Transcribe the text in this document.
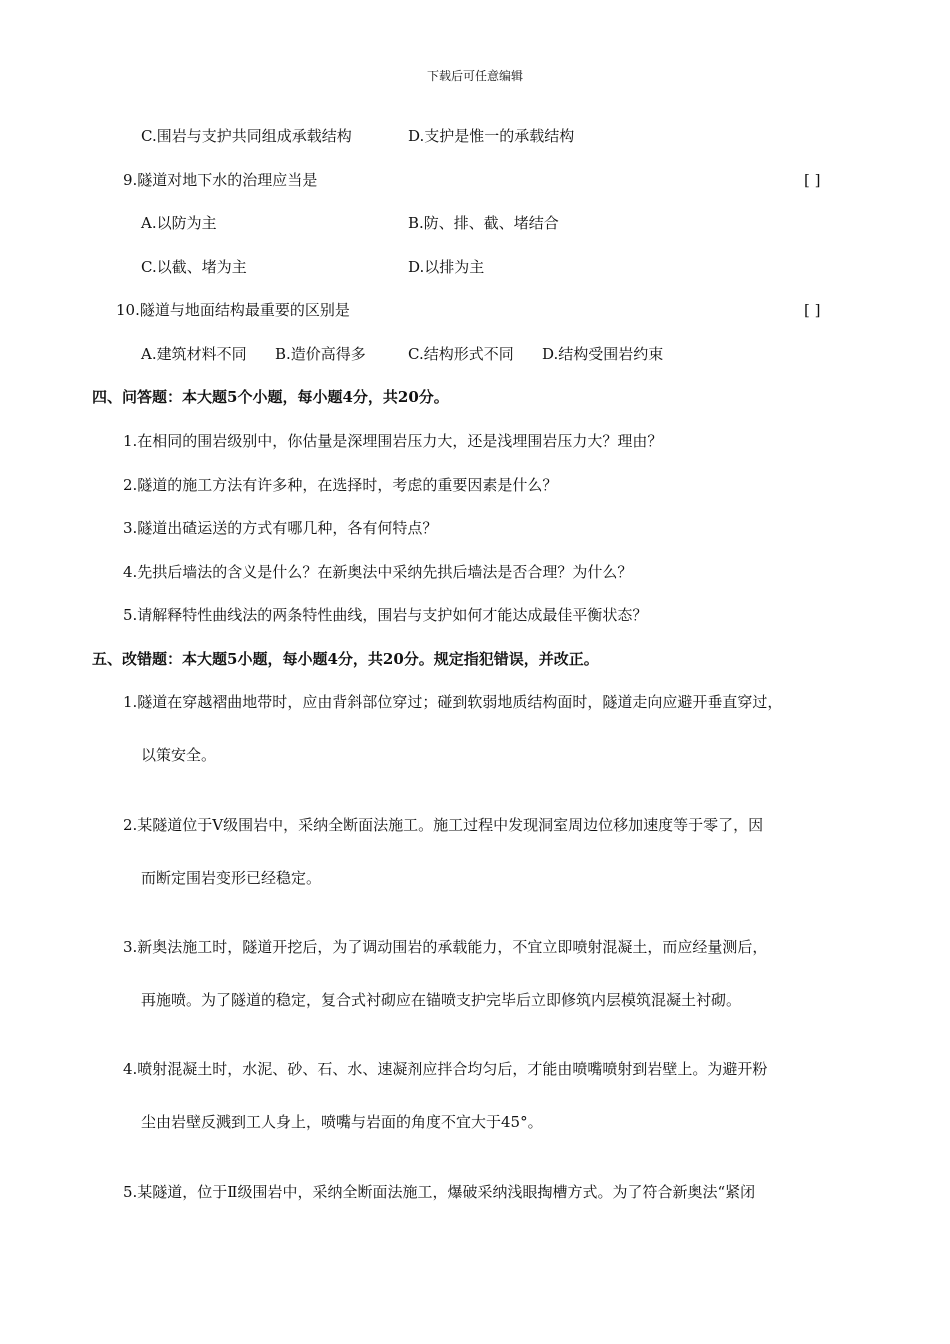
下载后可任意编辑
C.围岩与支护共同组成承载结构	D.支护是惟一的承载结构
9.隧道对地下水的治理应当是	[ ]
A.以防为主	B.防、排、截、堵结合
C.以截、堵为主	D.以排为主
10.隧道与地面结构最重要的区别是	[ ]
A.建筑材料不同 B.造价高得多	C.结构形式不同 D.结构受围岩约束
四、问答题：本大题5个小题，每小题4分，共20分。
1.在相同的围岩级别中，你估量是深埋围岩压力大，还是浅埋围岩压力大？理由？
2.隧道的施工方法有许多种，在选择时，考虑的重要因素是什么？
3.隧道出碴运送的方式有哪几种，各有何特点？
4.先拱后墙法的含义是什么？在新奥法中采纳先拱后墙法是否合理？为什么？
5.请解释特性曲线法的两条特性曲线，围岩与支护如何才能达成最佳平衡状态？
五、改错题：本大题5小题，每小题4分，共20分。规定指犯错误，并改正。
1.隧道在穿越褶曲地带时，应由背斜部位穿过；碰到软弱地质结构面时，隧道走向应避开垂直穿过，
以策安全。
2.某隧道位于Ⅴ级围岩中，采纳全断面法施工。施工过程中发现洞室周边位移加速度等于零了，因
而断定围岩变形已经稳定。
3.新奥法施工时，隧道开挖后，为了调动围岩的承载能力，不宜立即喷射混凝土，而应经量测后，
再施喷。为了隧道的稳定，复合式衬砌应在锚喷支护完毕后立即修筑内层模筑混凝土衬砌。
4.喷射混凝土时，水泥、砂、石、水、速凝剂应拌合均匀后，才能由喷嘴喷射到岩壁上。为避开粉
尘由岩壁反溅到工人身上，喷嘴与岩面的角度不宜大于45°。
5.某隧道，位于Ⅱ级围岩中，采纳全断面法施工，爆破采纳浅眼掏槽方式。为了符合新奥法“紧闭
